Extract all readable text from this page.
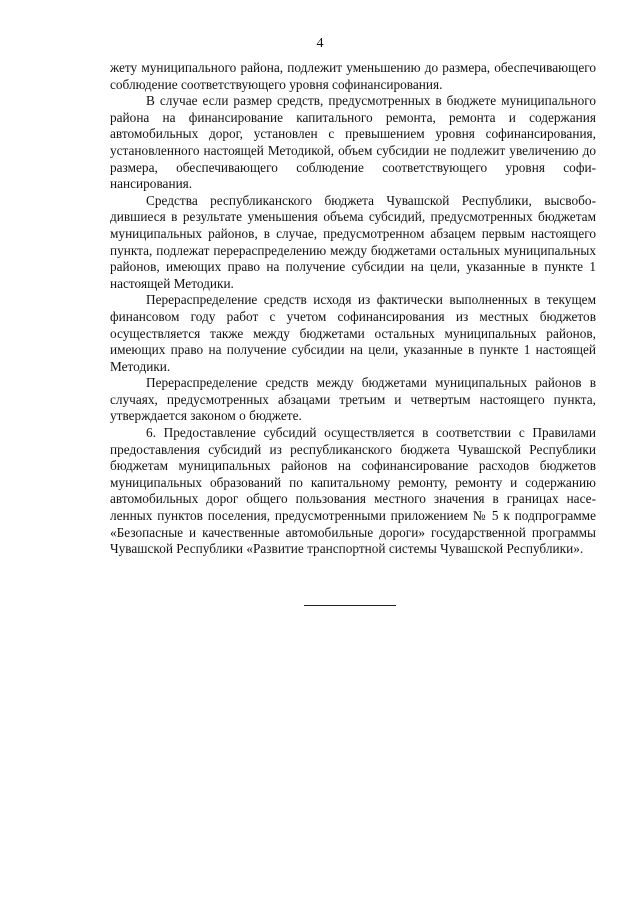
4

жету муниципального района, подлежит уменьшению до размера, обеспечивающего соблюдение соответствующего уровня софинансирования.

В случае если размер средств, предусмотренных в бюджете муниципального района на финансирование капитального ремонта, ремонта и содержания автомобильных дорог, установлен с превышением уровня софинансирования, установленного настоящей Методикой, объем субсидии не подлежит увеличению до размера, обеспечивающего соблюдение соответствующего уровня софинансирования.

Средства республиканского бюджета Чувашской Республики, высвободившиеся в результате уменьшения объема субсидий, предусмотренных бюджетам муниципальных районов, в случае, предусмотренном абзацем первым настоящего пункта, подлежат перераспределению между бюджетами остальных муниципальных районов, имеющих право на получение субсидии на цели, указанные в пункте 1 настоящей Методики.

Перераспределение средств исходя из фактически выполненных в текущем финансовом году работ с учетом софинансирования из местных бюджетов осуществляется также между бюджетами остальных муниципальных районов, имеющих право на получение субсидии на цели, указанные в пункте 1 настоящей Методики.

Перераспределение средств между бюджетами муниципальных районов в случаях, предусмотренных абзацами третьим и четвертым настоящего пункта, утверждается законом о бюджете.

6. Предоставление субсидий осуществляется в соответствии с Правилами предоставления субсидий из республиканского бюджета Чувашской Республики бюджетам муниципальных районов на софинансирование расходов бюджетов муниципальных образований по капитальному ремонту, ремонту и содержанию автомобильных дорог общего пользования местного значения в границах населенных пунктов поселения, предусмотренными приложением № 5 к подпрограмме «Безопасные и качественные автомобильные дороги» государственной программы Чувашской Республики «Развитие транспортной системы Чувашской Республики».
